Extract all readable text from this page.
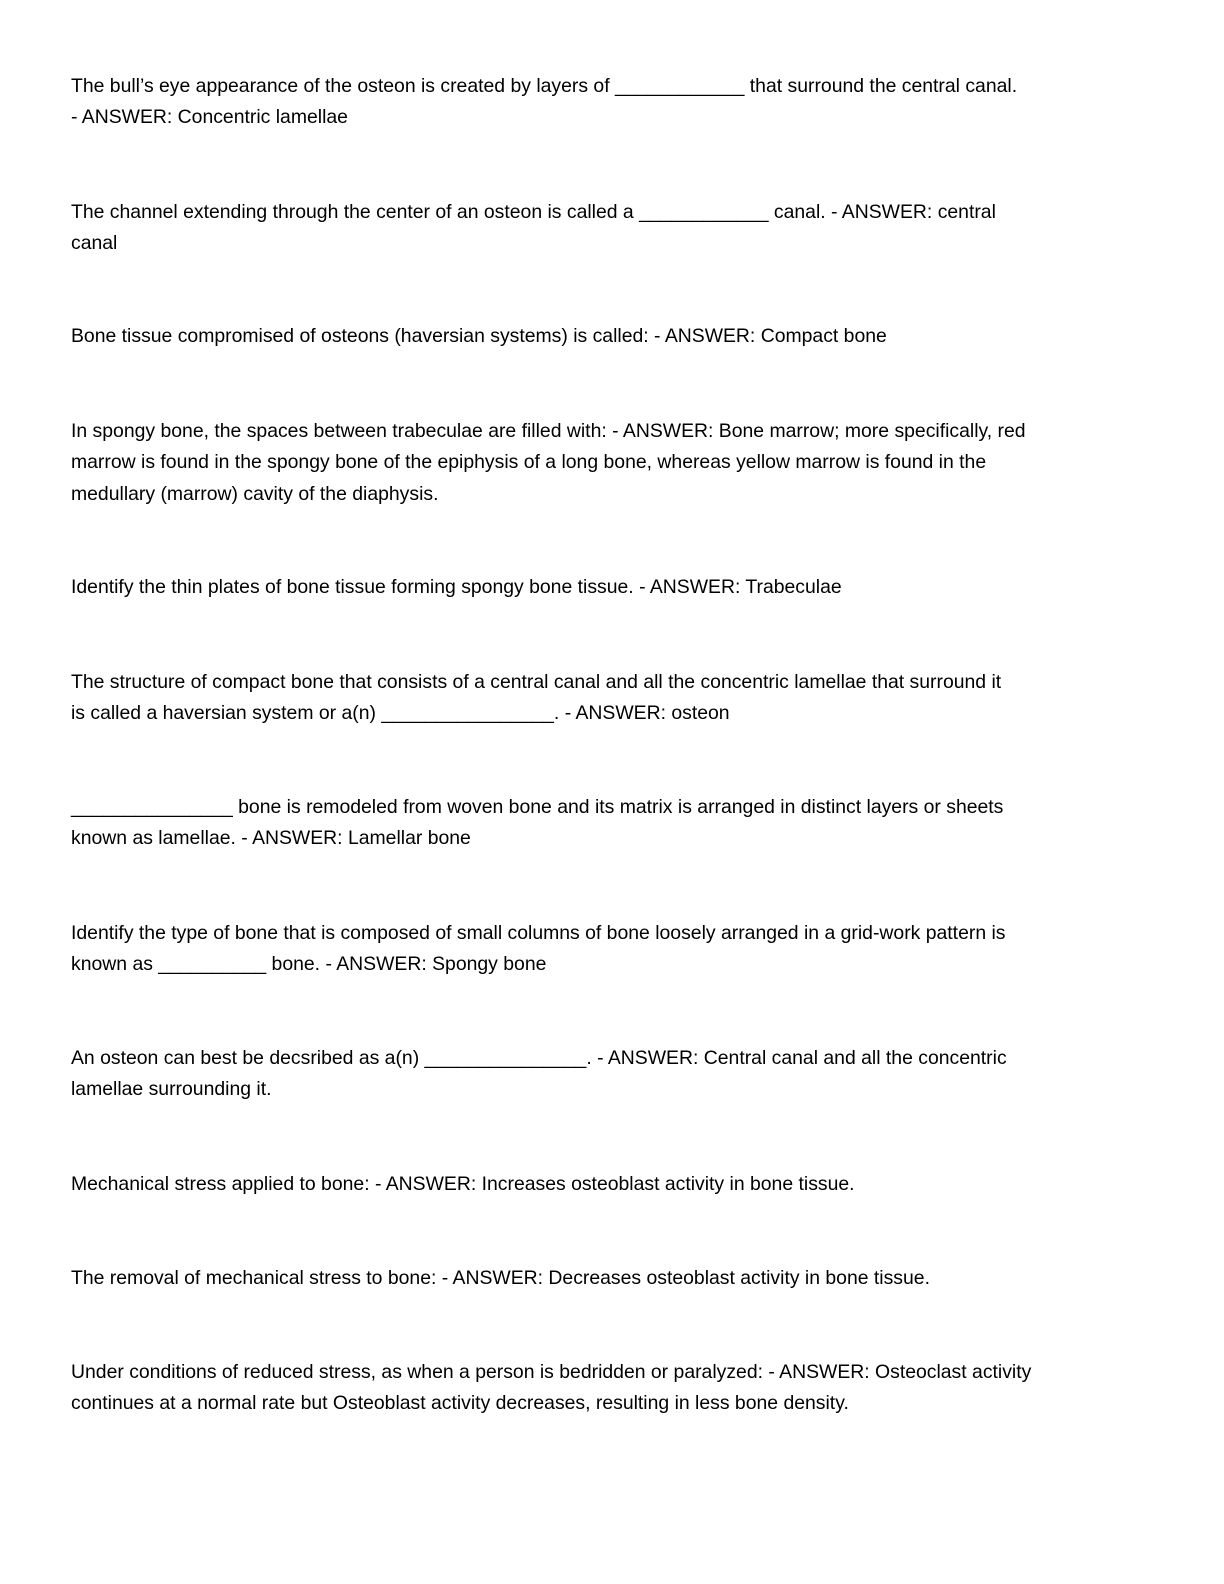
The bull’s eye appearance of the osteon is created by layers of ____________ that surround the central canal.
- ANSWER: Concentric lamellae
The channel extending through the center of an osteon is called a ____________ canal. - ANSWER: central
canal
Bone tissue compromised of osteons (haversian systems) is called: - ANSWER: Compact bone
In spongy bone, the spaces between trabeculae are filled with: - ANSWER: Bone marrow; more specifically, red
marrow is found in the spongy bone of the epiphysis of a long bone, whereas yellow marrow is found in the
medullary (marrow) cavity of the diaphysis.
Identify the thin plates of bone tissue forming spongy bone tissue. - ANSWER: Trabeculae
The structure of compact bone that consists of a central canal and all the concentric lamellae that surround it
is called a haversian system or a(n) ________________. - ANSWER: osteon
_______________ bone is remodeled from woven bone and its matrix is arranged in distinct layers or sheets
known as lamellae. - ANSWER: Lamellar bone
Identify the type of bone that is composed of small columns of bone loosely arranged in a grid-work pattern is
known as __________ bone. - ANSWER: Spongy bone
An osteon can best be decsribed as a(n) _______________. - ANSWER: Central canal and all the concentric
lamellae surrounding it.
Mechanical stress applied to bone: - ANSWER: Increases osteoblast activity in bone tissue.
The removal of mechanical stress to bone: - ANSWER: Decreases osteoblast activity in bone tissue.
Under conditions of reduced stress, as when a person is bedridden or paralyzed: - ANSWER: Osteoclast activity
continues at a normal rate but Osteoblast activity decreases, resulting in less bone density.
